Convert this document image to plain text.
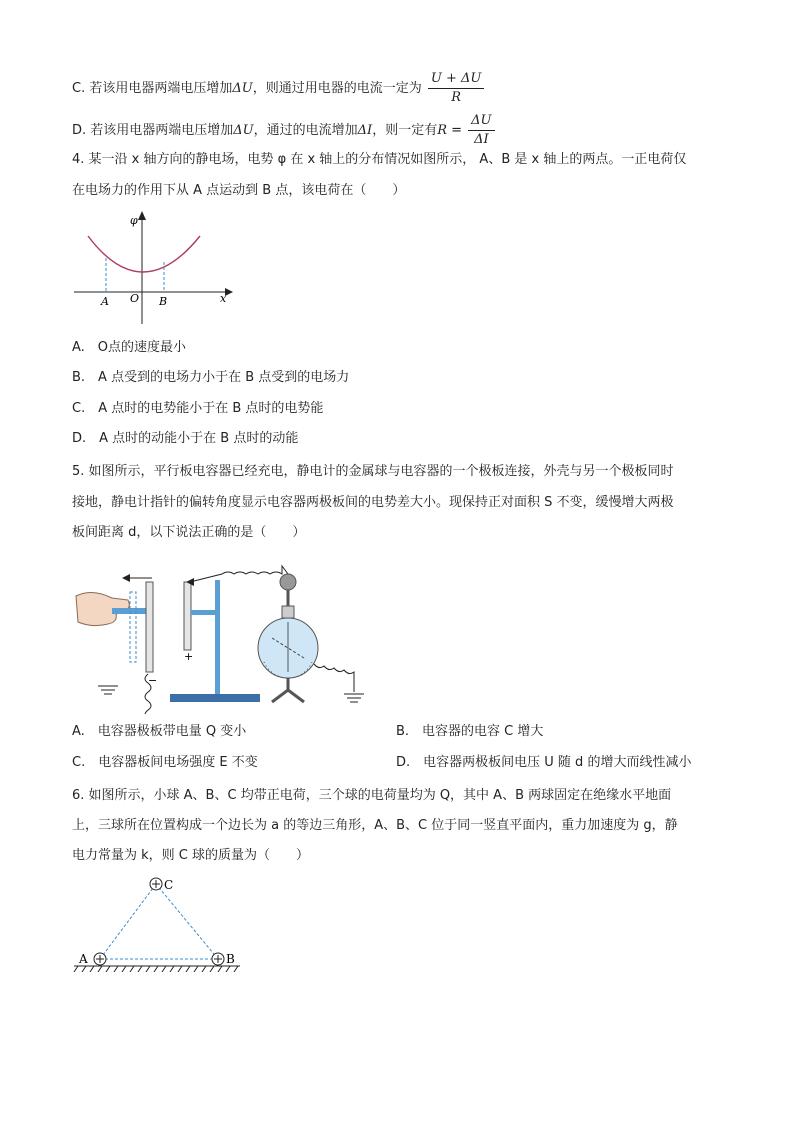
C. 若该用电器两端电压增加ΔU，则通过用电器的电流一定为 $\frac{U + \Delta U}{R}$
D. 若该用电器两端电压增加ΔU，通过的电流增加ΔI，则一定有$R = \frac{\Delta U}{\Delta I}$
4. 某一沿 x 轴方向的静电场，电势 φ 在 x 轴上的分布情况如图所示， A、B 是 x 轴上的两点。一正电荷仅
在电场力的作用下从 A 点运动到 B 点，该电荷在（　　）
φ
x
A O B
A.　O点的速度最小
B.　A 点受到的电场力小于在 B 点受到的电场力
C.　A 点时的电势能小于在 B 点时的电势能
D.　A 点时的动能小于在 B 点时的动能
5. 如图所示，平行板电容器已经充电，静电计的金属球与电容器的一个极板连接，外壳与另一个极板同时
接地，静电计指针的偏转角度显示电容器两极板间的电势差大小。现保持正对面积 S 不变，缓慢增大两极
板间距离 d，以下说法正确的是（　　）
−
+
A.　电容器极板带电量 Q 变小	B.　电容器的电容 C 增大
C.　电容器板间电场强度 E 不变	D.　电容器两极板间电压 U 随 d 的增大而线性减小
6. 如图所示，小球 A、B、C 均带正电荷，三个球的电荷量均为 Q，其中 A、B 两球固定在绝缘水平地面
上，三球所在位置构成一个边长为 a 的等边三角形，A、B、C 位于同一竖直平面内，重力加速度为 g，静
电力常量为 k，则 C 球的质量为（　　）
A	B
C
